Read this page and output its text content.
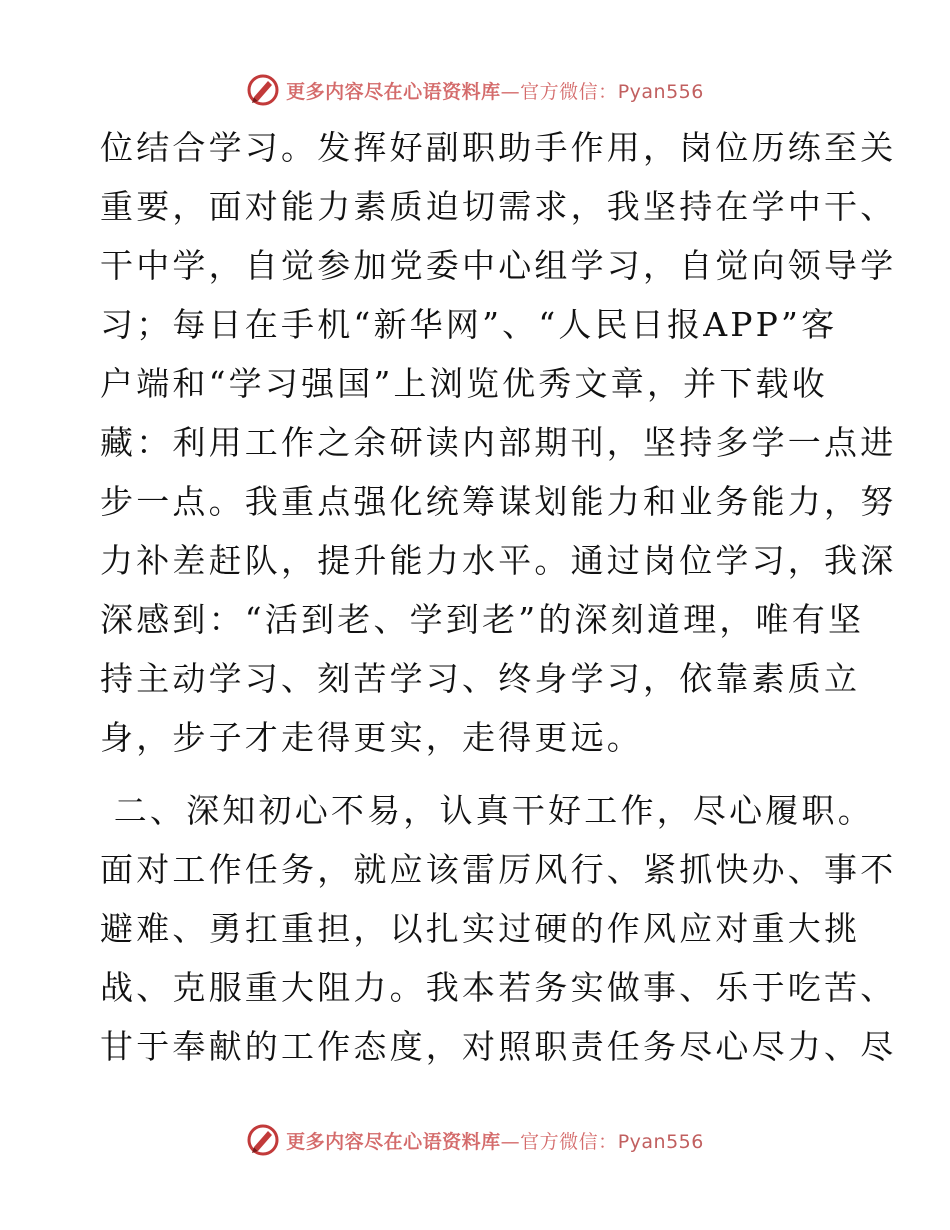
更多内容尽在心语资料库—官方微信：Pyan556
位结合学习。发挥好副职助手作用，岗位历练至关
重要，面对能力素质迫切需求，我坚持在学中干、
干中学，自觉参加党委中心组学习，自觉向领导学
习；每日在手机“新华网”、“人民日报APP”客
户端和“学习强国”上浏览优秀文章，并下载收
藏：利用工作之余研读内部期刊，坚持多学一点进
步一点。我重点强化统筹谋划能力和业务能力，努
力补差赶队，提升能力水平。通过岗位学习，我深
深感到：“活到老、学到老”的深刻道理，唯有坚
持主动学习、刻苦学习、终身学习，依靠素质立
身，步子才走得更实，走得更远。
二、深知初心不易，认真干好工作，尽心履职。
面对工作任务，就应该雷厉风行、紧抓快办、事不
避难、勇扛重担，以扎实过硬的作风应对重大挑
战、克服重大阻力。我本若务实做事、乐于吃苦、
甘于奉献的工作态度，对照职责任务尽心尽力、尽
更多内容尽在心语资料库—官方微信：Pyan556
